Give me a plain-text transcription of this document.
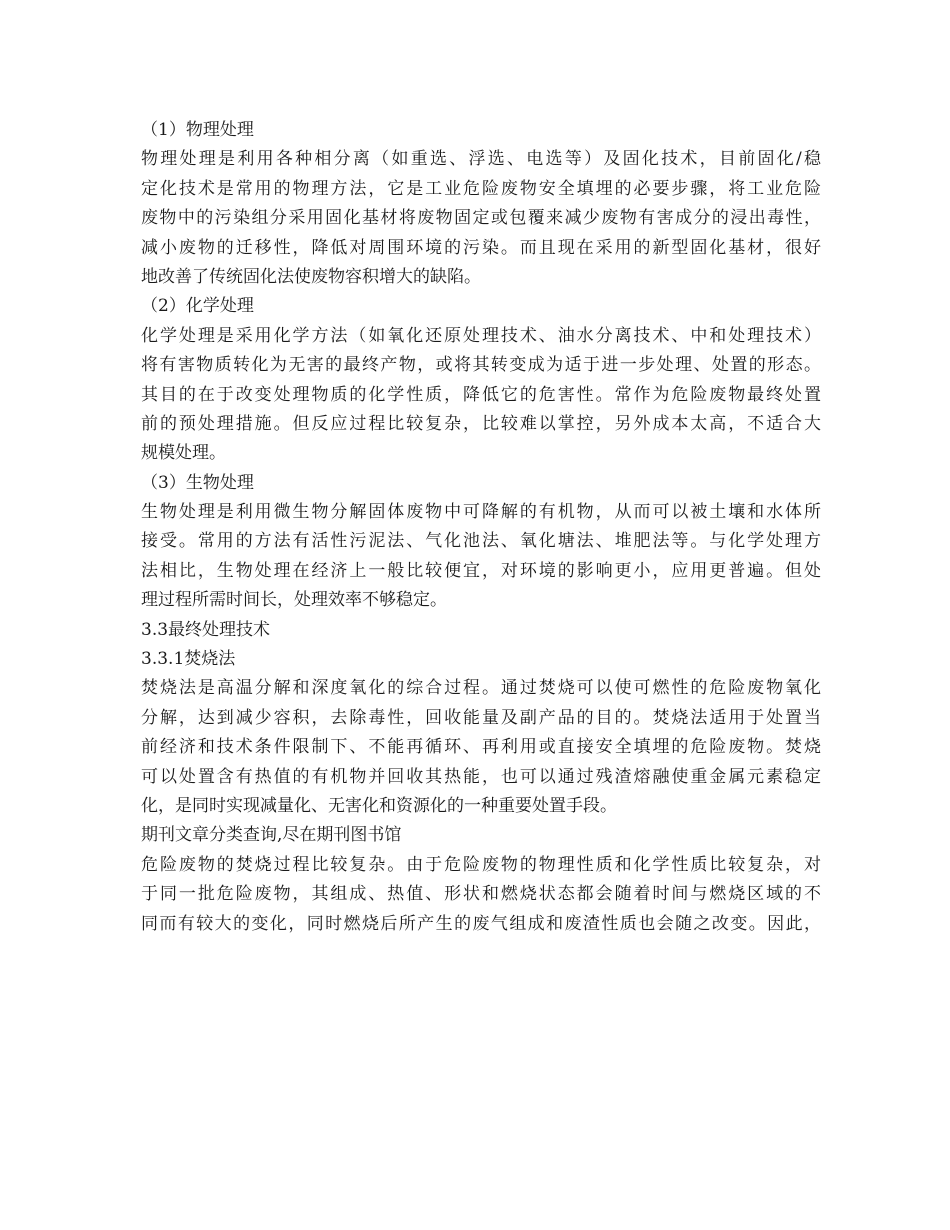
（1）物理处理
物理处理是利用各种相分离（如重选、浮选、电选等）及固化技术，目前固化/稳
定化技术是常用的物理方法，它是工业危险废物安全填埋的必要步骤，将工业危险
废物中的污染组分采用固化基材将废物固定或包覆来减少废物有害成分的浸出毒性，
减小废物的迁移性，降低对周围环境的污染。而且现在采用的新型固化基材，很好
地改善了传统固化法使废物容积增大的缺陷。
（2）化学处理
化学处理是采用化学方法（如氧化还原处理技术、油水分离技术、中和处理技术）
将有害物质转化为无害的最终产物，或将其转变成为适于进一步处理、处置的形态。
其目的在于改变处理物质的化学性质，降低它的危害性。常作为危险废物最终处置
前的预处理措施。但反应过程比较复杂，比较难以掌控，另外成本太高，不适合大
规模处理。
（3）生物处理
生物处理是利用微生物分解固体废物中可降解的有机物，从而可以被土壤和水体所
接受。常用的方法有活性污泥法、气化池法、氧化塘法、堆肥法等。与化学处理方
法相比，生物处理在经济上一般比较便宜，对环境的影响更小，应用更普遍。但处
理过程所需时间长，处理效率不够稳定。
3.3最终处理技术
3.3.1焚烧法
焚烧法是高温分解和深度氧化的综合过程。通过焚烧可以使可燃性的危险废物氧化
分解，达到减少容积，去除毒性，回收能量及副产品的目的。焚烧法适用于处置当
前经济和技术条件限制下、不能再循环、再利用或直接安全填埋的危险废物。焚烧
可以处置含有热值的有机物并回收其热能，也可以通过残渣熔融使重金属元素稳定
化，是同时实现减量化、无害化和资源化的一种重要处置手段。
期刊文章分类查询,尽在期刊图书馆
危险废物的焚烧过程比较复杂。由于危险废物的物理性质和化学性质比较复杂，对
于同一批危险废物，其组成、热值、形状和燃烧状态都会随着时间与燃烧区域的不
同而有较大的变化，同时燃烧后所产生的废气组成和废渣性质也会随之改变。因此，
